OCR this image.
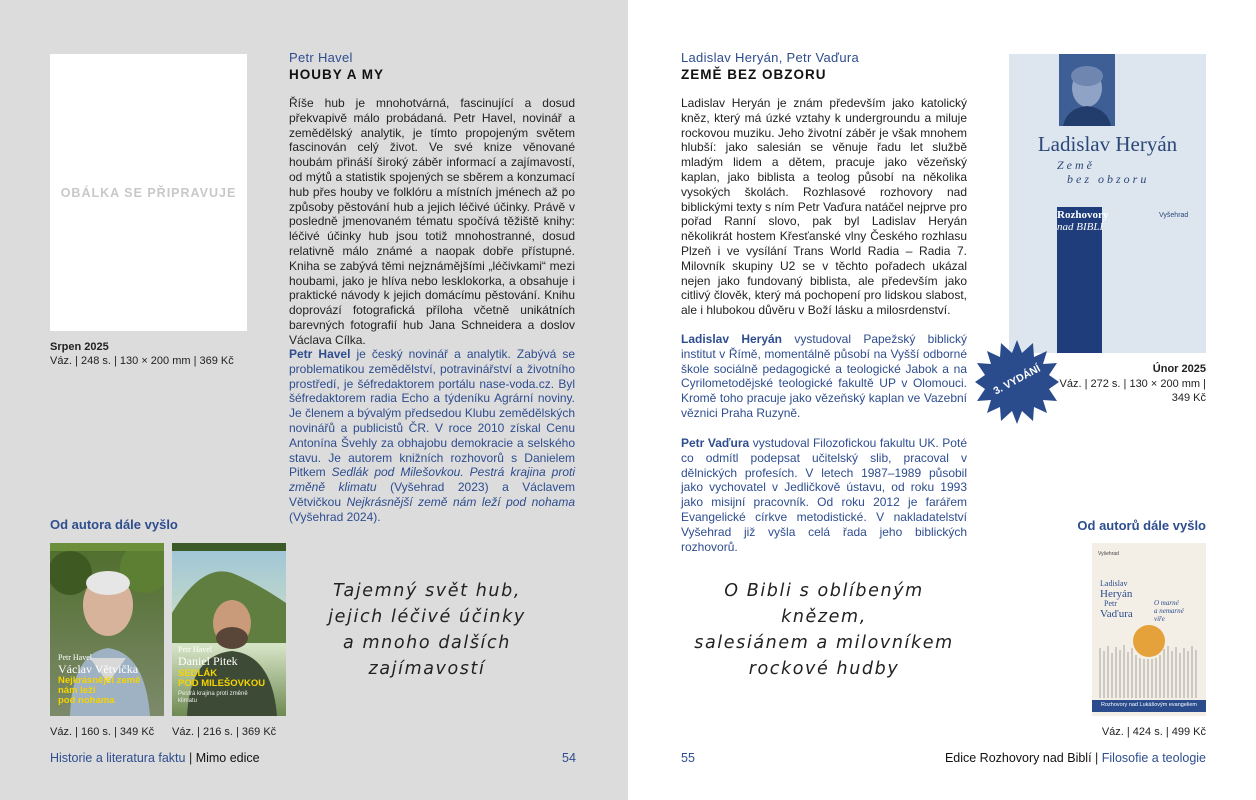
OBÁLKA SE PŘIPRAVUJE
Srpen 2025
Váz. | 248 s. | 130 × 200 mm | 369 Kč
Petr Havel
HOUBY A MY

Říše hub je mnohotvárná, fascinující a dosud překvapivě málo probádaná. Petr Havel, novinář a zemědělský analytik, je tímto propojeným světem fascinován celý život. Ve své knize věnované houbám přináší široký záběr informací a zajímavostí, od mýtů a statistik spojených se sběrem a konzumací hub přes houby ve folklóru a místních jménech až po způsoby pěstování hub a jejich léčivé účinky. Právě v posledně jmenovaném tématu spočívá těžiště knihy: léčivé účinky hub jsou totiž mnohostranné, dosud relativně málo známé a naopak dobře přístupné. Kniha se zabývá těmi nejznámějšími „léčivkami“ mezi houbami, jako je hlíva nebo lesklokorka, a obsahuje i praktické návody k jejich domácímu pěstování. Knihu doprovází fotografická příloha včetně unikátních barevných fotografií hub Jana Schneidera a doslov Václava Cílka.

Petr Havel je český novinář a analytik. Zabývá se problematikou zemědělství, potravinářství a životního prostředí, je šéfredaktorem portálu nase-voda.cz. Byl šéfredaktorem radia Echo a týdeníku Agrární noviny. Je členem a bývalým předsedou Klubu zemědělských novinářů a publicistů ČR. V roce 2010 získal Cenu Antonína Švehly za obhajobu demokracie a selského stavu. Je autorem knižních rozhovorů s Danielem Pitkem Sedlák pod Milešovkou. Pestrá krajina proti změně klimatu (Vyšehrad 2023) a Václavem Větvičkou Nejkrásnější země nám leží pod nohama (Vyšehrad 2024).
Od autora dále vyšlo
Petr Havel
Václav Větvička
Nejkrásnější země
nám leží
pod nohama
Váz. | 160 s. | 349 Kč
Petr Havel
Daniel Pitek
SEDLÁK
POD MILEŠOVKOU
Pestrá krajina proti změně klimatu
Váz. | 216 s. | 369 Kč
Tajemný svět hub,
jejich léčivé účinky
a mnoho dalších
zajímavostí
Historie a literatura faktu | Mimo edice	54
Ladislav Heryán, Petr Vaďura
ZEMĚ BEZ OBZORU

Ladislav Heryán je znám především jako katolický kněz, který má úzké vztahy k undergroundu a miluje rockovou muziku. Jeho životní záběr je však mnohem hlubší: jako salesián se věnuje řadu let službě mladým lidem a dětem, pracuje jako vězeňský kaplan, jako biblista a teolog působí na několika vysokých školách. Rozhlasové rozhovory nad biblickými texty s ním Petr Vaďura natáčel nejprve pro pořad Ranní slovo, pak byl Ladislav Heryán několikrát hostem Křesťanské vlny Českého rozhlasu Plzeň i ve vysílání Trans World Radia – Radia 7. Milovník skupiny U2 se v těchto pořadech ukázal nejen jako fundovaný biblista, ale především jako citlivý člověk, který má pochopení pro lidskou slabost, ale i hlubokou důvěru v Boží lásku a milosrdenství.

Ladislav Heryán vystudoval Papežský biblický institut v Římě, momentálně působí na Vyšší odborné škole sociálně pedagogické a teologické Jabok a na Cyrilometodějské teologické fakultě UP v Olomouci. Kromě toho pracuje jako vězeňský kaplan ve Vazební věznici Praha Ruzyně.
Petr Vaďura vystudoval Filozofickou fakultu UK. Poté co odmítl podepsat učitelský slib, pracoval v dělnických profesích. V letech 1987–1989 působil jako vychovatel v Jedličkově ústavu, od roku 1993 jako misijní pracovník. Od roku 2012 je farářem Evangelické církve metodistické. V nakladatelství Vyšehrad již vyšla celá řada jeho biblických rozhovorů.
Ladislav Heryán
Země
bez obzoru
Rozhovory
nad BIBLÍ
Vyšehrad
3. VYDÁNÍ	Únor 2025
Váz. | 272 s. | 130 × 200 mm |
349 Kč
Od autorů dále vyšlo
Vyšehrad
Ladislav
Heryán
Petr
Vaďura
O marné
a nemarné
víře
Rozhovory nad Lukášovým evangeliem
Váz. | 424 s. | 499 Kč
O Bibli s oblíbeným knězem,
salesiánem a milovníkem
rockové hudby
55	Edice Rozhovory nad Biblí | Filosofie a teologie
